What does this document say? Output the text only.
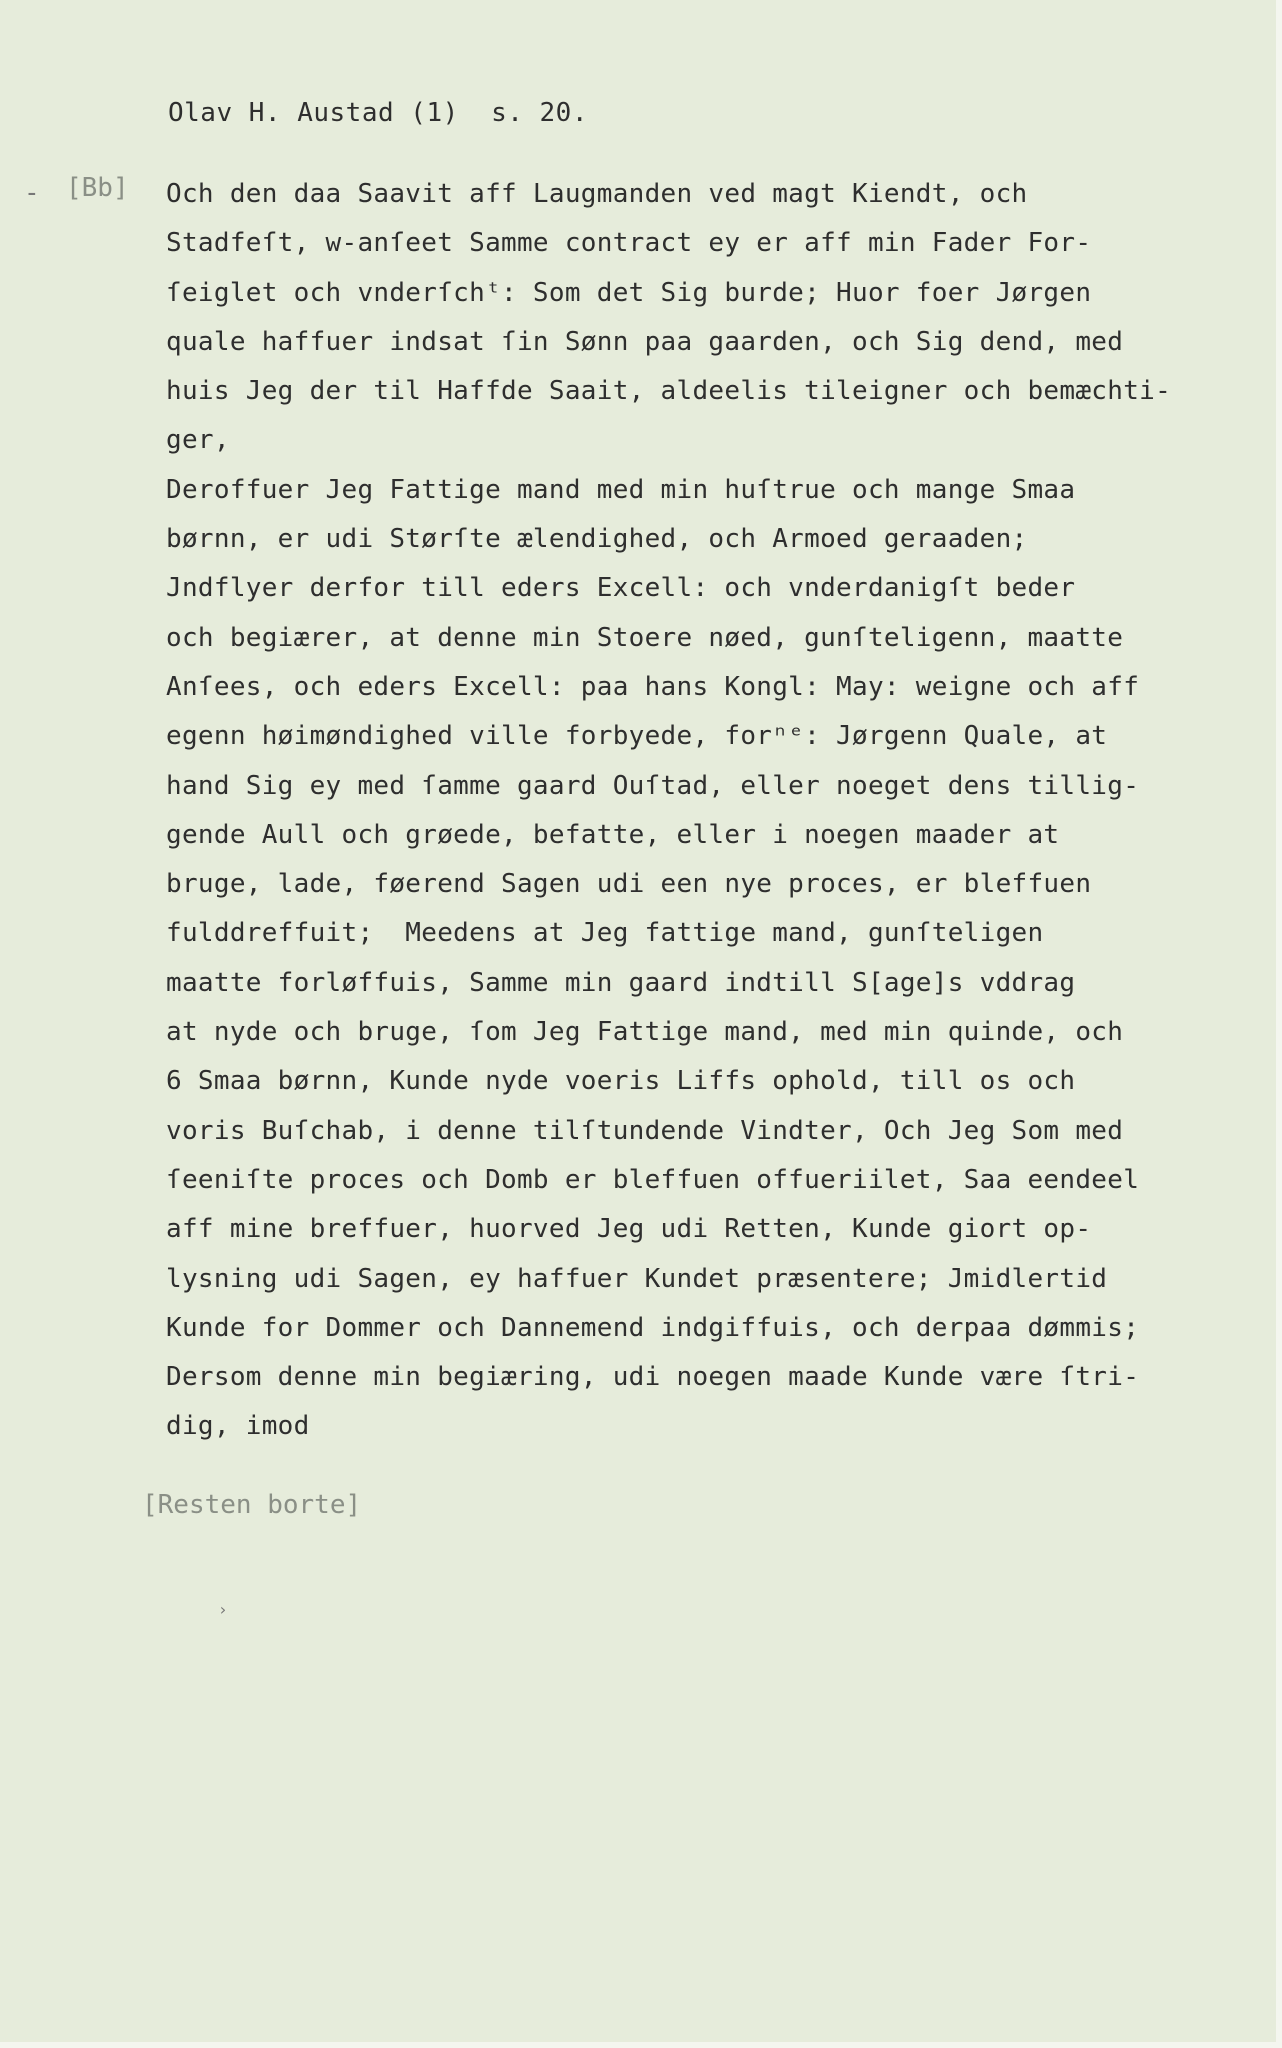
Olav H. Austad (1)  s. 20.
- [Bb] Och den daa Saavit aff Laugmanden ved magt Kiendt, och
Stadfeſt, w-anſeet Samme contract ey er aff min Fader For-
ſeiglet och vnderſchᵗ: Som det Sig burde; Huor foer Jørgen
quale haffuer indsat ſin Sønn paa gaarden, och Sig dend, med
huis Jeg der til Haffde Saait, aldeelis tileigner och bemæchti-
ger,
Deroffuer Jeg Fattige mand med min huſtrue och mange Smaa
børnn, er udi Størſte ælendighed, och Armoed geraaden;
Jndflyer derfor till eders Excell: och vnderdanigſt beder
och begiærer, at denne min Stoere nøed, gunſteligenn, maatte
Anſees, och eders Excell: paa hans Kongl: May: weigne och aff
egenn høimøndighed ville forbyede, forⁿᵉ: Jørgenn Quale, at
hand Sig ey med ſamme gaard Ouſtad, eller noeget dens tillig-
gende Aull och grøede, befatte, eller i noegen maader at
bruge, lade, føerend Sagen udi een nye proces, er bleffuen
fulddreffuit;  Meedens at Jeg fattige mand, gunſteligen
maatte forløffuis, Samme min gaard indtill S[age]s vddrag
at nyde och bruge, ſom Jeg Fattige mand, med min quinde, och
6 Smaa børnn, Kunde nyde voeris Liffs ophold, till os och
voris Buſchab, i denne tilſtundende Vindter, Och Jeg Som med
ſeeniſte proces och Domb er bleffuen offueriilet, Saa eendeel
aff mine breffuer, huorved Jeg udi Retten, Kunde giort op-
lysning udi Sagen, ey haffuer Kundet præsentere; Jmidlertid
Kunde for Dommer och Dannemend indgiffuis, och derpaa dømmis;
Dersom denne min begiæring, udi noegen maade Kunde være ſtri-
dig, imod
[Resten borte]
›
